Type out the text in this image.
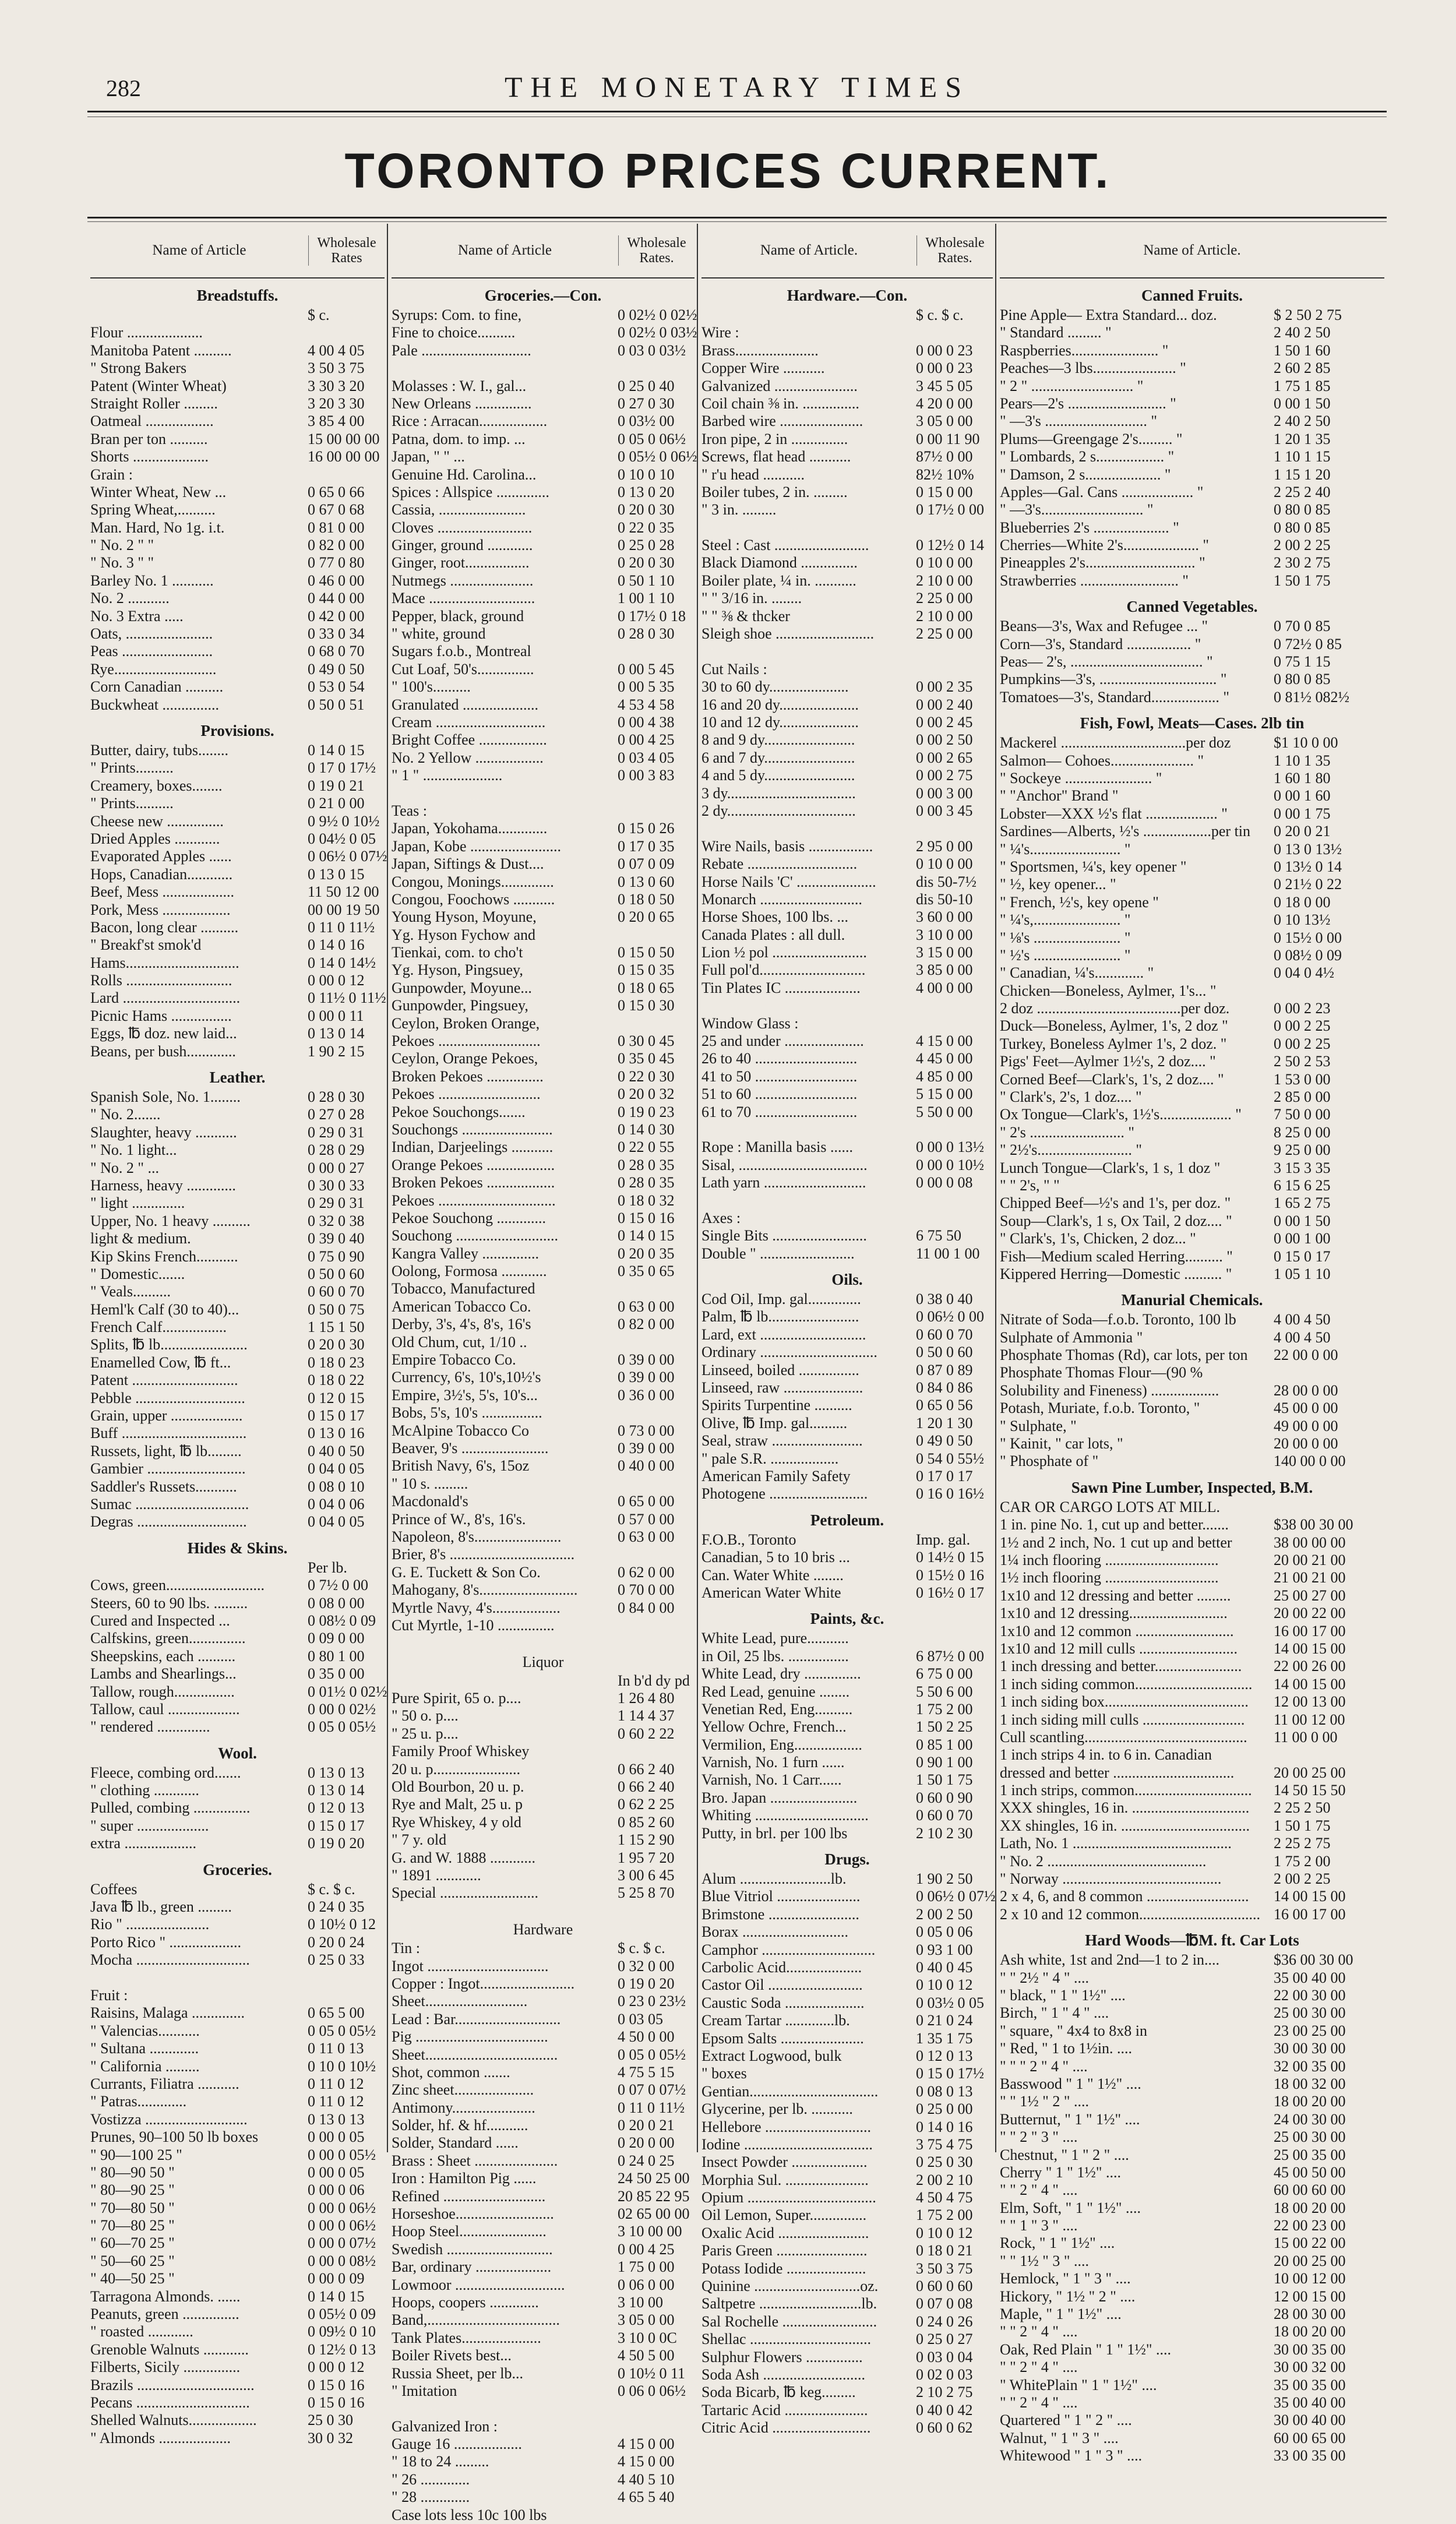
282	THE MONETARY TIMES
TORONTO PRICES CURRENT.
Name of Article	Wholesale Rates
Breadstuffs.
$ c.
Flour ....................
Manitoba Patent ..........	4 00 4 05
" Strong Bakers	3 50 3 75
Patent (Winter Wheat)	3 30 3 20
Straight Roller .........	3 20 3 30
Oatmeal ..................	3 85 4 00
Bran per ton ..........	15 00 00 00
Shorts ....................	16 00 00 00
Grain :
Winter Wheat, New ...	0 65 0 66
Spring Wheat,..........	0 67 0 68
Man. Hard, No 1g. i.t.	0 81 0 00
" No. 2 " "	0 82 0 00
" No. 3 " "	0 77 0 80
Barley No. 1 ...........	0 46 0 00
No. 2 ...........	0 44 0 00
No. 3 Extra .....	0 42 0 00
Oats, .......................	0 33 0 34
Peas ........................	0 68 0 70
Rye...........................	0 49 0 50
Corn Canadian ..........	0 53 0 54
Buckwheat ...............	0 50 0 51
Provisions.
Butter, dairy, tubs........	0 14 0 15
" Prints..........	0 17 0 17½
Creamery, boxes........	0 19 0 21
" Prints..........	0 21 0 00
Cheese new ...............	0 9½ 0 10½
Dried Apples ............	0 04½ 0 05
Evaporated Apples ......	0 06½ 0 07½
Hops, Canadian............	0 13 0 15
Beef, Mess ...................	11 50 12 00
Pork, Mess ..................	00 00 19 50
Bacon, long clear ..........	0 11 0 11½
" Breakf'st smok'd	0 14 0 16
Hams..............................	0 14 0 14½
Rolls ............................	0 00 0 12
Lard ...............................	0 11½ 0 11½
Picnic Hams ................	0 00 0 11
Eggs, ℔ doz. new laid...	0 13 0 14
Beans, per bush.............	1 90 2 15
Leather.
Spanish Sole, No. 1........	0 28 0 30
" No. 2.......	0 27 0 28
Slaughter, heavy ...........	0 29 0 31
" No. 1 light...	0 28 0 29
" No. 2 " ...	0 00 0 27
Harness, heavy .............	0 30 0 33
" light ..............	0 29 0 31
Upper, No. 1 heavy ..........	0 32 0 38
light & medium.	0 39 0 40
Kip Skins French...........	0 75 0 90
" Domestic.......	0 50 0 60
" Veals..........	0 60 0 70
Heml'k Calf (30 to 40)...	0 50 0 75
French Calf.................	1 15 1 50
Splits, ℔ lb.......................	0 20 0 30
Enamelled Cow, ℔ ft...	0 18 0 23
Patent ............................	0 18 0 22
Pebble .............................	0 12 0 15
Grain, upper ...................	0 15 0 17
Buff .................................	0 13 0 16
Russets, light, ℔ lb.........	0 40 0 50
Gambier ..........................	0 04 0 05
Saddler's Russets...........	0 08 0 10
Sumac ..............................	0 04 0 06
Degras .............................	0 04 0 05
Hides & Skins.
Per lb.
Cows, green..........................	0 7½ 0 00
Steers, 60 to 90 lbs. .........	0 08 0 00
Cured and Inspected ...	0 08½ 0 09
Calfskins, green...............	0 09 0 00
Sheepskins, each ..........	0 80 1 00
Lambs and Shearlings...	0 35 0 00
Tallow, rough................	0 01½ 0 02½
Tallow, caul ...................	0 00 0 02½
" rendered ..............	0 05 0 05½
Wool.
Fleece, combing ord.......	0 13 0 13
" clothing ............	0 13 0 14
Pulled, combing ...............	0 12 0 13
" super ...................	0 15 0 17
extra ...................	0 19 0 20
Groceries.
Coffees	$ c. $ c.
Java ℔ lb., green .........	0 24 0 35
Rio " ......................	0 10½ 0 12
Porto Rico " ...................	0 20 0 24
Mocha ..............................	0 25 0 33
Fruit :
Raisins, Malaga ..............	0 65 5 00
" Valencias...........	0 05 0 05½
" Sultana .............	0 11 0 13
" California .........	0 10 0 10½
Currants, Filiatra ...........	0 11 0 12
" Patras.............	0 11 0 12
Vostizza ...........................	0 13 0 13
Prunes, 90–100 50 lb boxes	0 00 0 05
" 90—100 25 "	0 00 0 05½
" 80—90 50 "	0 00 0 05
" 80—90 25 "	0 00 0 06
" 70—80 50 "	0 00 0 06½
" 70—80 25 "	0 00 0 06½
" 60—70 25 "	0 00 0 07½
" 50—60 25 "	0 00 0 08½
" 40—50 25 "	0 00 0 09
Tarragona Almonds. ......	0 14 0 15
Peanuts, green ...............	0 05½ 0 09
" roasted ............	0 09½ 0 10
Grenoble Walnuts ............	0 12½ 0 13
Filberts, Sicily ...............	0 00 0 12
Brazils ...............................	0 15 0 16
Pecans ..............................	0 15 0 16
Shelled Walnuts..................	25 0 30
" Almonds ...................	30 0 32
Name of Article	Wholesale Rates.
Groceries.—Con.
Syrups: Com. to fine,	0 02½ 0 02½
Fine to choice..........	0 02½ 0 03½
Pale .............................	0 03 0 03½
Molasses : W. I., gal...	0 25 0 40
New Orleans ...............	0 27 0 30
Rice : Arracan..................	0 03½ 00
Patna, dom. to imp. ...	0 05 0 06½
Japan, " " ...	0 05½ 0 06½
Genuine Hd. Carolina...	0 10 0 10
Spices : Allspice ..............	0 13 0 20
Cassia, .......................	0 20 0 30
Cloves .........................	0 22 0 35
Ginger, ground ............	0 25 0 28
Ginger, root.................	0 20 0 30
Nutmegs ......................	0 50 1 10
Mace ............................	1 00 1 10
Pepper, black, ground	0 17½ 0 18
" white, ground	0 28 0 30
Sugars f.o.b., Montreal
Cut Loaf, 50's...............	0 00 5 45
" 100's..........	0 00 5 35
Granulated ....................	4 53 4 58
Cream .............................	0 00 4 38
Bright Coffee ..................	0 00 4 25
No. 2 Yellow ..................	0 03 4 05
" 1 " .....................	0 00 3 83
Teas :
Japan, Yokohama.............	0 15 0 26
Japan, Kobe ........................	0 17 0 35
Japan, Siftings & Dust....	0 07 0 09
Congou, Monings..............	0 13 0 60
Congou, Foochows ...........	0 18 0 50
Young Hyson, Moyune,	0 20 0 65
Yg. Hyson Fychow and
Tienkai, com. to cho't	0 15 0 50
Yg. Hyson, Pingsuey,	0 15 0 35
Gunpowder, Moyune...	0 18 0 65
Gunpowder, Pingsuey,	0 15 0 30
Ceylon, Broken Orange,
Pekoes ...........................	0 30 0 45
Ceylon, Orange Pekoes,	0 35 0 45
Broken Pekoes ...............	0 22 0 30
Pekoes ...........................	0 20 0 32
Pekoe Souchongs.......	0 19 0 23
Souchongs ........................	0 14 0 30
Indian, Darjeelings ...........	0 22 0 55
Orange Pekoes ..................	0 28 0 35
Broken Pekoes ..................	0 28 0 35
Pekoes ...............................	0 18 0 32
Pekoe Souchong .............	0 15 0 16
Souchong ...........................	0 14 0 15
Kangra Valley ...............	0 20 0 35
Oolong, Formosa ............	0 35 0 65
Tobacco, Manufactured
American Tobacco Co.	0 63 0 00
Derby, 3's, 4's, 8's, 16's	0 82 0 00
Old Chum, cut, 1/10 ..
Empire Tobacco Co.	0 39 0 00
Currency, 6's, 10's,10½'s	0 39 0 00
Empire, 3½'s, 5's, 10's...	0 36 0 00
Bobs, 5's, 10's ................
McAlpine Tobacco Co	0 73 0 00
Beaver, 9's .......................	0 39 0 00
British Navy, 6's, 15oz	0 40 0 00
" 10 s. .........
Macdonald's	0 65 0 00
Prince of W., 8's, 16's.	0 57 0 00
Napoleon, 8's.......................	0 63 0 00
Brier, 8's .................................
G. E. Tuckett & Son Co.	0 62 0 00
Mahogany, 8's..........................	0 70 0 00
Myrtle Navy, 4's..................	0 84 0 00
Cut Myrtle, 1-10 ...............
Liquor
In b'd dy pd
Pure Spirit, 65 o. p....	1 26 4 80
" 50 o. p....	1 14 4 37
" 25 u. p....	0 60 2 22
Family Proof Whiskey
20 u. p.......................	0 66 2 40
Old Bourbon, 20 u. p.	0 66 2 40
Rye and Malt, 25 u. p	0 62 2 25
Rye Whiskey, 4 y old	0 85 2 60
" 7 y. old	1 15 2 90
G. and W. 1888 ............	1 95 7 20
" 1891 ............	3 00 6 45
Special ..........................	5 25 8 70
Hardware
Tin :	$ c. $ c.
Ingot ................................	0 32 0 00
Copper : Ingot.........................	0 19 0 20
Sheet...........................	0 23 0 23½
Lead : Bar............................	0 03 05
Pig ...................................	4 50 0 00
Sheet...................................	0 05 0 05½
Shot, common .......	4 75 5 15
Zinc sheet.....................	0 07 0 07½
Antimony......................	0 11 0 11½
Solder, hf. & hf...........	0 20 0 21
Solder, Standard ......	0 20 0 00
Brass : Sheet ......................	0 24 0 25
Iron : Hamilton Pig ......	24 50 25 00
Refined ...........................	20 85 22 95
Horseshoe..........................	02 65 00 00
Hoop Steel.......................	3 10 00 00
Swedish ............................	0 00 4 25
Bar, ordinary ....................	1 75 0 00
Lowmoor .............................	0 06 0 00
Hoops, coopers .............	3 10 00
Band,...................................	3 05 0 00
Tank Plates.....................	3 10 0 0C
Boiler Rivets best...	4 50 5 00
Russia Sheet, per lb...	0 10½ 0 11
" Imitation	0 06 0 06½
Galvanized Iron :
Gauge 16 ..................	4 15 0 00
" 18 to 24 .........	4 15 0 00
" 26 .............	4 40 5 10
" 28 .............	4 65 5 40
Case lots less 10c 100 lbs
Name of Article.	Wholesale Rates.
Hardware.—Con.
$ c. $ c.
Wire :
Brass......................	0 00 0 23
Copper Wire ...........	0 00 0 23
Galvanized ......................	3 45 5 05
Coil chain ⅜ in. ...............	4 20 0 00
Barbed wire ......................	3 05 0 00
Iron pipe, 2 in ...............	0 00 11 90
Screws, flat head ...........	87½ 0 00
" r'u head ...........	82½ 10%
Boiler tubes, 2 in. .........	0 15 0 00
" 3 in. .........	0 17½ 0 00
Steel : Cast .........................	0 12½ 0 14
Black Diamond ...............	0 10 0 00
Boiler plate, ¼ in. ...........	2 10 0 00
" " 3/16 in. ........	2 25 0 00
" " ⅜ & thcker	2 10 0 00
Sleigh shoe ..........................	2 25 0 00
Cut Nails :
30 to 60 dy.....................	0 00 2 35
16 and 20 dy.....................	0 00 2 40
10 and 12 dy.....................	0 00 2 45
8 and 9 dy........................	0 00 2 50
6 and 7 dy........................	0 00 2 65
4 and 5 dy........................	0 00 2 75
3 dy..................................	0 00 3 00
2 dy..................................	0 00 3 45
Wire Nails, basis .................	2 95 0 00
Rebate .............................	0 10 0 00
Horse Nails 'C' .....................	dis 50-7½
Monarch ...........................	dis 50-10
Horse Shoes, 100 lbs. ...	3 60 0 00
Canada Plates : all dull.	3 10 0 00
Lion ½ pol .........................	3 15 0 00
Full pol'd............................	3 85 0 00
Tin Plates IC ....................	4 00 0 00
Window Glass :
25 and under .....................	4 15 0 00
26 to 40 ...........................	4 45 0 00
41 to 50 ...........................	4 85 0 00
51 to 60 ...........................	5 15 0 00
61 to 70 ...........................	5 50 0 00
Rope : Manilla basis ......	0 00 0 13½
Sisal, ..................................	0 00 0 10½
Lath yarn ...........................	0 00 0 08
Axes :
Single Bits .........................	6 75 50
Double " .........................	11 00 1 00
Oils.
Cod Oil, Imp. gal..............	0 38 0 40
Palm, ℔ lb........................	0 06½ 0 00
Lard, ext ............................	0 60 0 70
Ordinary ...............................	0 50 0 60
Linseed, boiled ................	0 87 0 89
Linseed, raw .....................	0 84 0 86
Spirits Turpentine ..........	0 65 0 56
Olive, ℔ Imp. gal..........	1 20 1 30
Seal, straw ........................	0 49 0 50
" pale S.R. ..................	0 54 0 55½
American Family Safety	0 17 0 17
Photogene ..........................	0 16 0 16½
Petroleum.
F.O.B., Toronto	Imp. gal.
Canadian, 5 to 10 bris ...	0 14½ 0 15
Can. Water White ........	0 15½ 0 16
American Water White	0 16½ 0 17
Paints, &c.
White Lead, pure...........
in Oil, 25 lbs. ................	6 87½ 0 00
White Lead, dry ...............	6 75 0 00
Red Lead, genuine ........	5 50 6 00
Venetian Red, Eng..........	1 75 2 00
Yellow Ochre, French...	1 50 2 25
Vermilion, Eng..................	0 85 1 00
Varnish, No. 1 furn ......	0 90 1 00
Varnish, No. 1 Carr......	1 50 1 75
Bro. Japan .......................	0 60 0 90
Whiting ..............................	0 60 0 70
Putty, in brl. per 100 lbs	2 10 2 30
Drugs.
Alum ........................lb.	1 90 2 50
Blue Vitriol ......................	0 06½ 0 07½
Brimstone ........................	2 00 2 50
Borax ............................	0 05 0 06
Camphor ..............................	0 93 1 00
Carbolic Acid....................	0 40 0 45
Castor Oil .........................	0 10 0 12
Caustic Soda .....................	0 03½ 0 05
Cream Tartar .............lb.	0 21 0 24
Epsom Salts ......................	1 35 1 75
Extract Logwood, bulk	0 12 0 13
" boxes	0 15 0 17½
Gentian..................................	0 08 0 13
Glycerine, per lb. ...........	0 25 0 00
Hellebore ............................	0 14 0 16
Iodine ..................................	3 75 4 75
Insect Powder ....................	0 25 0 30
Morphia Sul. ......................	2 00 2 10
Opium ..................................	4 50 4 75
Oil Lemon, Super...............	1 75 2 00
Oxalic Acid ........................	0 10 0 12
Paris Green ........................	0 18 0 21
Potass Iodide .....................	3 50 3 75
Quinine ............................oz.	0 60 0 60
Saltpetre ...........................lb.	0 07 0 08
Sal Rochelle .........................	0 24 0 26
Shellac ................................	0 25 0 27
Sulphur Flowers ...............	0 03 0 04
Soda Ash ...........................	0 02 0 03
Soda Bicarb, ℔ keg.........	2 10 2 75
Tartaric Acid ......................	0 40 0 42
Citric Acid ..........................	0 60 0 62
Name of Article.
Canned Fruits.
Pine Apple— Extra Standard... doz.	$ 2 50 2 75
" Standard ......... "	2 40 2 50
Raspberries....................... "	1 50 1 60
Peaches—3 lbs...................... "	2 60 2 85
" 2 " ........................... "	1 75 1 85
Pears—2's .......................... "	0 00 1 50
" —3's ........................... "	2 40 2 50
Plums—Greengage 2's......... "	1 20 1 35
" Lombards, 2 s.................. "	1 10 1 15
" Damson, 2 s.................... "	1 15 1 20
Apples—Gal. Cans ................... "	2 25 2 40
" —3's........................... "	0 80 0 85
Blueberries 2's .................... "	0 80 0 85
Cherries—White 2's.................... "	2 00 2 25
Pineapples 2's............................. "	2 30 2 75
Strawberries .......................... "	1 50 1 75
Canned Vegetables.
Beans—3's, Wax and Refugee ... "	0 70 0 85
Corn—3's, Standard ................. "	0 72½ 0 85
Peas— 2's, ................................... "	0 75 1 15
Pumpkins—3's, ............................... "	0 80 0 85
Tomatoes—3's, Standard.................. "	0 81½ 082½
Fish, Fowl, Meats—Cases. 2lb tin
Mackerel .................................per doz	$1 10 0 00
Salmon— Cohoes...................... "	1 10 1 35
" Sockeye ....................... "	1 60 1 80
" "Anchor" Brand "	0 00 1 60
Lobster—XXX ½'s flat ................... "	0 00 1 75
Sardines—Alberts, ½'s ..................per tin	0 20 0 21
" ¼'s........................ "	0 13 0 13½
" Sportsmen, ¼'s, key opener "	0 13½ 0 14
" ½, key opener... "	0 21½ 0 22
" French, ½'s, key opene "	0 18 0 00
" ¼'s,....................... "	0 10 13½
" ⅛'s ....................... "	0 15½ 0 00
" ½'s ....................... "	0 08½ 0 09
" Canadian, ¼'s............. "	0 04 0 4½
Chicken—Boneless, Aylmer, 1's... "
2 doz ......................................per doz.	0 00 2 23
Duck—Boneless, Aylmer, 1's, 2 doz "	0 00 2 25
Turkey, Boneless Aylmer 1's, 2 doz. "	0 00 2 25
Pigs' Feet—Aylmer 1½'s, 2 doz.... "	2 50 2 53
Corned Beef—Clark's, 1's, 2 doz.... "	1 53 0 00
" Clark's, 2's, 1 doz.... "	2 85 0 00
Ox Tongue—Clark's, 1½'s................... "	7 50 0 00
" 2's ......................... "	8 25 0 00
" 2½'s......................... "	9 25 0 00
Lunch Tongue—Clark's, 1 s, 1 doz "	3 15 3 35
" " 2's, " "	6 15 6 25
Chipped Beef—½'s and 1's, per doz. "	1 65 2 75
Soup—Clark's, 1 s, Ox Tail, 2 doz.... "	0 00 1 50
" Clark's, 1's, Chicken, 2 doz... "	0 00 1 00
Fish—Medium scaled Herring.......... "	0 15 0 17
Kippered Herring—Domestic .......... "	1 05 1 10
Manurial Chemicals.
Nitrate of Soda—f.o.b. Toronto, 100 lb	4 00 4 50
Sulphate of Ammonia "	4 00 4 50
Phosphate Thomas (Rd), car lots, per ton	22 00 0 00
Phosphate Thomas Flour—(90 %
Solubility and Fineness) ..................	28 00 0 00
Potash, Muriate, f.o.b. Toronto, "	45 00 0 00
" Sulphate, "	49 00 0 00
" Kainit, " car lots, "	20 00 0 00
" Phosphate of "	140 00 0 00
Sawn Pine Lumber, Inspected, B.M.
CAR OR CARGO LOTS AT MILL.
1 in. pine No. 1, cut up and better.......	$38 00 30 00
1½ and 2 inch, No. 1 cut up and better	38 00 00 00
1¼ inch flooring ..............................	20 00 21 00
1½ inch flooring ..............................	21 00 21 00
1x10 and 12 dressing and better .........	25 00 27 00
1x10 and 12 dressing..........................	20 00 22 00
1x10 and 12 common ..........................	16 00 17 00
1x10 and 12 mill culls ..........................	14 00 15 00
1 inch dressing and better.......................	22 00 26 00
1 inch siding common...............................	14 00 15 00
1 inch siding box......................................	12 00 13 00
1 inch siding mill culls ...........................	11 00 12 00
Cull scantling...........................................	11 00 0 00
1 inch strips 4 in. to 6 in. Canadian
dressed and better ................................	20 00 25 00
1 inch strips, common...............................	14 50 15 50
XXX shingles, 16 in. ...............................	2 25 2 50
XX shingles, 16 in. ..................................	1 50 1 75
Lath, No. 1 ..........................................	2 25 2 75
" No. 2 ..........................................	1 75 2 00
" Norway ..........................................	2 00 2 25
2 x 4, 6, and 8 common ...........................	14 00 15 00
2 x 10 and 12 common................................ 16 00 17 00
Hard Woods—℔M. ft. Car Lots
Ash white, 1st and 2nd—1 to 2 in....	$36 00 30 00
" " 2½ " 4 " ....	35 00 40 00
" black, " 1 " 1½" ....	22 00 30 00
Birch, " 1 " 4 " ....	25 00 30 00
" square, " 4x4 to 8x8 in	23 00 25 00
" Red, " 1 to 1½in. ....	30 00 30 00
" " " 2 " 4 " ....	32 00 35 00
Basswood " 1 " 1½" ....	18 00 32 00
" " 1½ " 2 " ....	18 00 20 00
Butternut, " 1 " 1½" ....	24 00 30 00
" " 2 " 3 " ....	25 00 30 00
Chestnut, " 1 " 2 " ....	25 00 35 00
Cherry " 1 " 1½" ....	45 00 50 00
" " 2 " 4 " ....	60 00 60 00
Elm, Soft, " 1 " 1½" ....	18 00 20 00
" " 1 " 3 " ....	22 00 23 00
Rock, " 1 " 1½" ....	15 00 22 00
" " 1½ " 3 " ....	20 00 25 00
Hemlock, " 1 " 3 " ....	10 00 12 00
Hickory, " 1½ " 2 " ....	12 00 15 00
Maple, " 1 " 1½" ....	28 00 30 00
" " 2 " 4 " ....	18 00 20 00
Oak, Red Plain " 1 " 1½" ....	30 00 35 00
" " 2 " 4 " ....	30 00 32 00
" WhitePlain " 1 " 1½" ....	35 00 35 00
" " 2 " 4 " ....	35 00 40 00
Quartered " 1 " 2 " ....	30 00 40 00
Walnut, " 1 " 3 " ....	60 00 65 00
Whitewood " 1 " 3 " ....	33 00 35 00
